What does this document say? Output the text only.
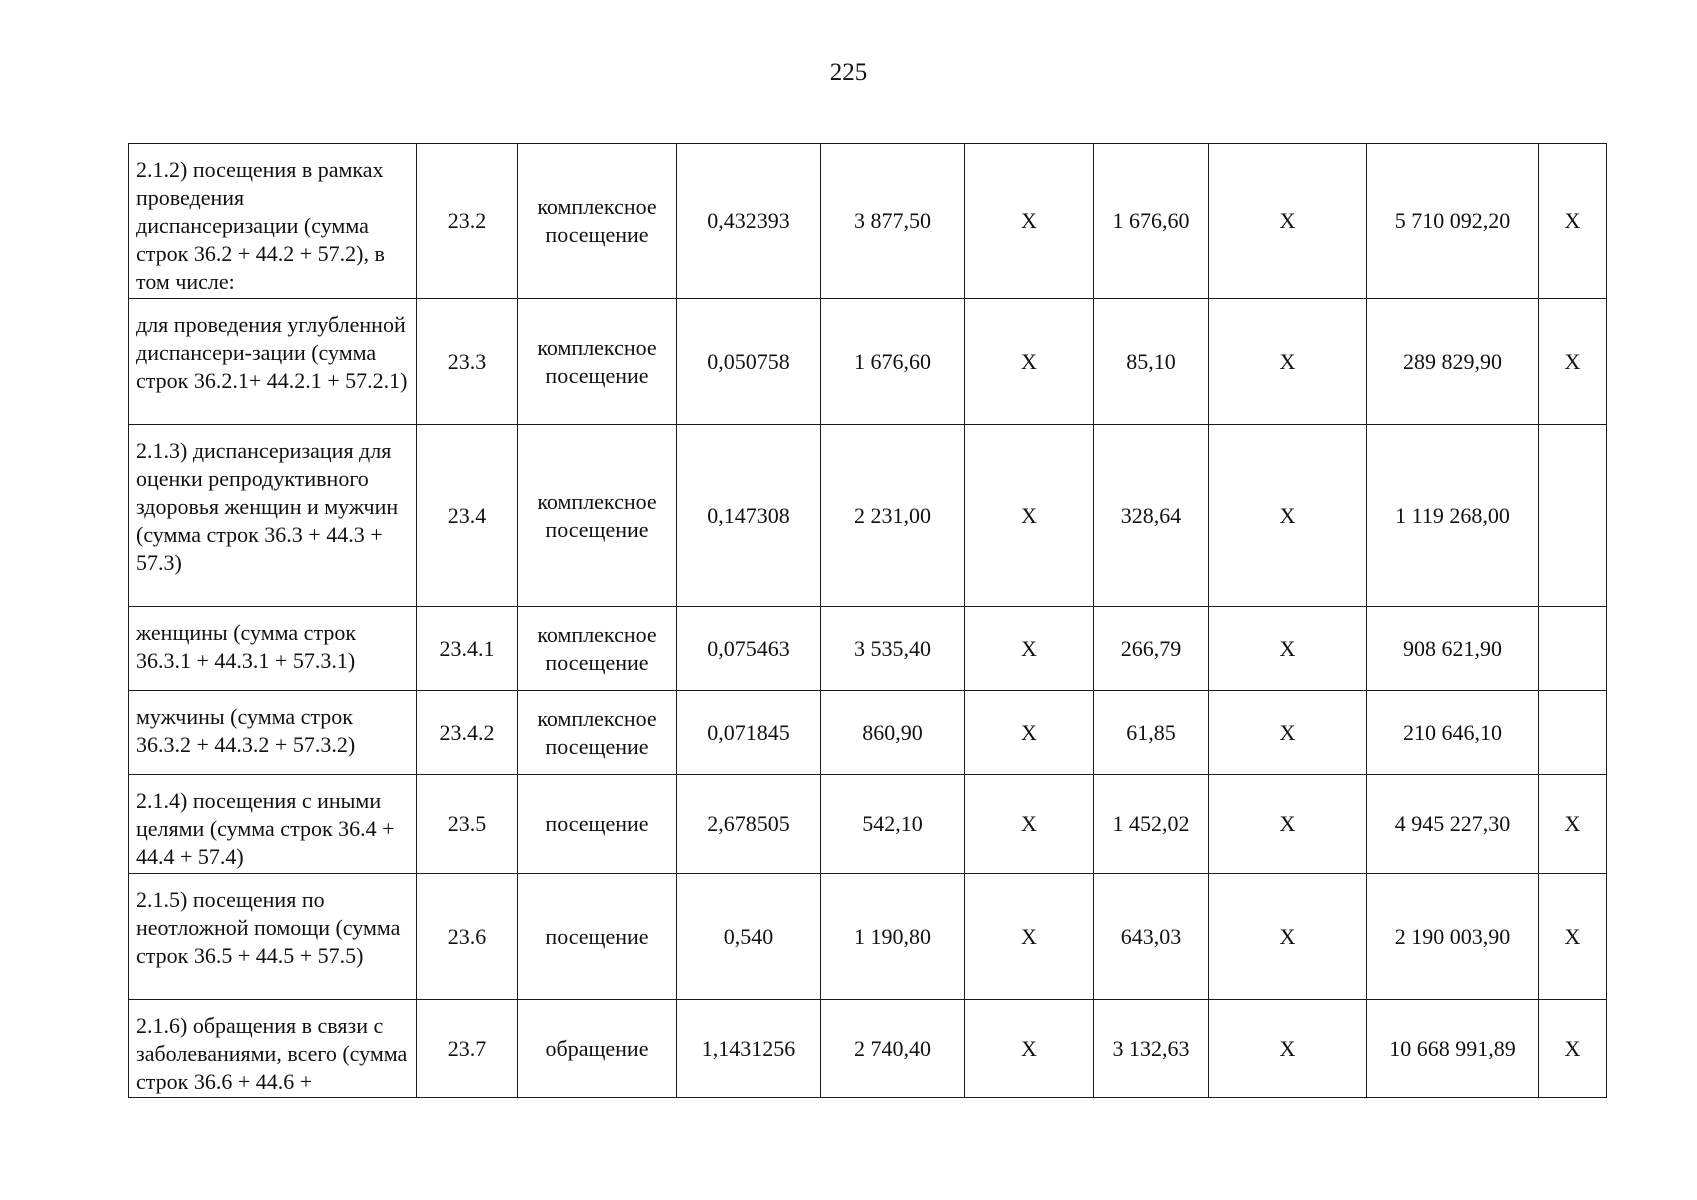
225
2.1.2) посещения в рамках проведения диспансеризации (сумма строк 36.2 + 44.2 + 57.2), в том числе:	23.2	комплексное посещение	0,432393	3 877,50	Х	1 676,60	Х	5 710 092,20	Х
для проведения углубленной диспансери-зации (сумма строк 36.2.1+ 44.2.1 + 57.2.1)	23.3	комплексное посещение	0,050758	1 676,60	Х	85,10	Х	289 829,90	Х
2.1.3) диспансеризация для оценки репродуктивного здоровья женщин и мужчин (сумма строк 36.3 + 44.3 + 57.3)	23.4	комплексное посещение	0,147308	2 231,00	Х	328,64	Х	1 119 268,00	
женщины (сумма строк 36.3.1 + 44.3.1 + 57.3.1)	23.4.1	комплексное посещение	0,075463	3 535,40	Х	266,79	Х	908 621,90	
мужчины (сумма строк 36.3.2 + 44.3.2 + 57.3.2)	23.4.2	комплексное посещение	0,071845	860,90	Х	61,85	Х	210 646,10	
2.1.4) посещения с иными целями (сумма строк 36.4 + 44.4 + 57.4)	23.5	посещение	2,678505	542,10	Х	1 452,02	Х	4 945 227,30	Х
2.1.5) посещения по неотложной помощи (сумма строк 36.5 + 44.5 + 57.5)	23.6	посещение	0,540	1 190,80	Х	643,03	Х	2 190 003,90	Х
2.1.6) обращения в связи с заболеваниями, всего (сумма строк 36.6 + 44.6 +	23.7	обращение	1,1431256	2 740,40	Х	3 132,63	Х	10 668 991,89	Х
